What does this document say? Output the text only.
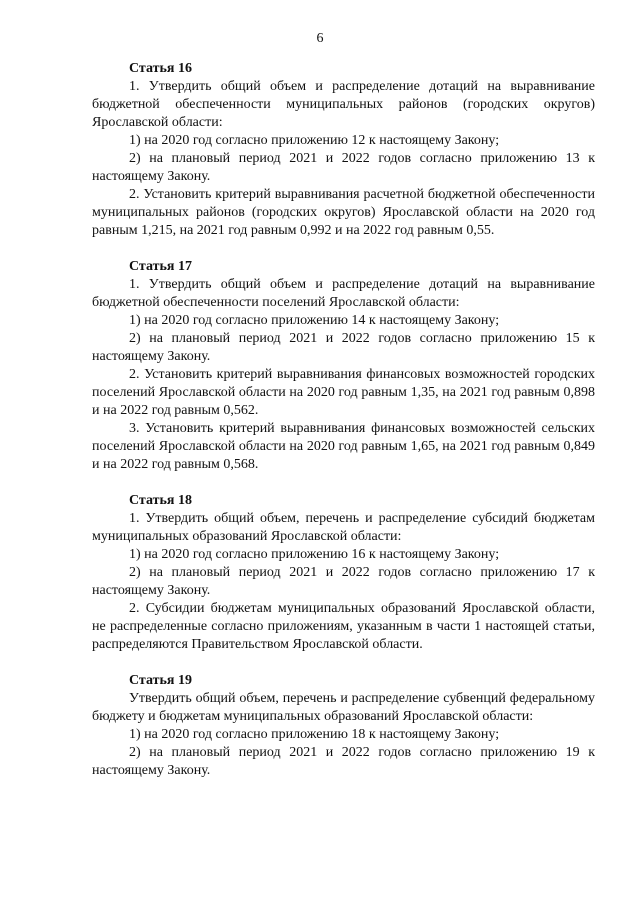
6

Статья 16

1. Утвердить общий объем и распределение дотаций на выравнивание бюджетной обеспеченности муниципальных районов (городских округов) Ярославской области:

1) на 2020 год согласно приложению 12 к настоящему Закону;

2) на плановый период 2021 и 2022 годов согласно приложению 13 к настоящему Закону.

2. Установить критерий выравнивания расчетной бюджетной обеспеченности муниципальных районов (городских округов) Ярославской области на 2020 год равным 1,215, на 2021 год равным 0,992 и на 2022 год равным 0,55.

Статья 17

1. Утвердить общий объем и распределение дотаций на выравнивание бюджетной обеспеченности поселений Ярославской области:

1) на 2020 год согласно приложению 14 к настоящему Закону;

2) на плановый период 2021 и 2022 годов согласно приложению 15 к настоящему Закону.

2. Установить критерий выравнивания финансовых возможностей городских поселений Ярославской области на 2020 год равным 1,35, на 2021 год равным 0,898 и на 2022 год равным 0,562.

3. Установить критерий выравнивания финансовых возможностей сельских поселений Ярославской области на 2020 год равным 1,65, на 2021 год равным 0,849 и на 2022 год равным 0,568.

Статья 18

1. Утвердить общий объем, перечень и распределение субсидий бюджетам муниципальных образований Ярославской области:

1) на 2020 год согласно приложению 16 к настоящему Закону;

2) на плановый период 2021 и 2022 годов согласно приложению 17 к настоящему Закону.

2. Субсидии бюджетам муниципальных образований Ярославской области, не распределенные согласно приложениям, указанным в части 1 настоящей статьи, распределяются Правительством Ярославской области.

Статья 19

Утвердить общий объем, перечень и распределение субвенций федеральному бюджету и бюджетам муниципальных образований Ярославской области:

1) на 2020 год согласно приложению 18 к настоящему Закону;

2) на плановый период 2021 и 2022 годов согласно приложению 19 к настоящему Закону.
